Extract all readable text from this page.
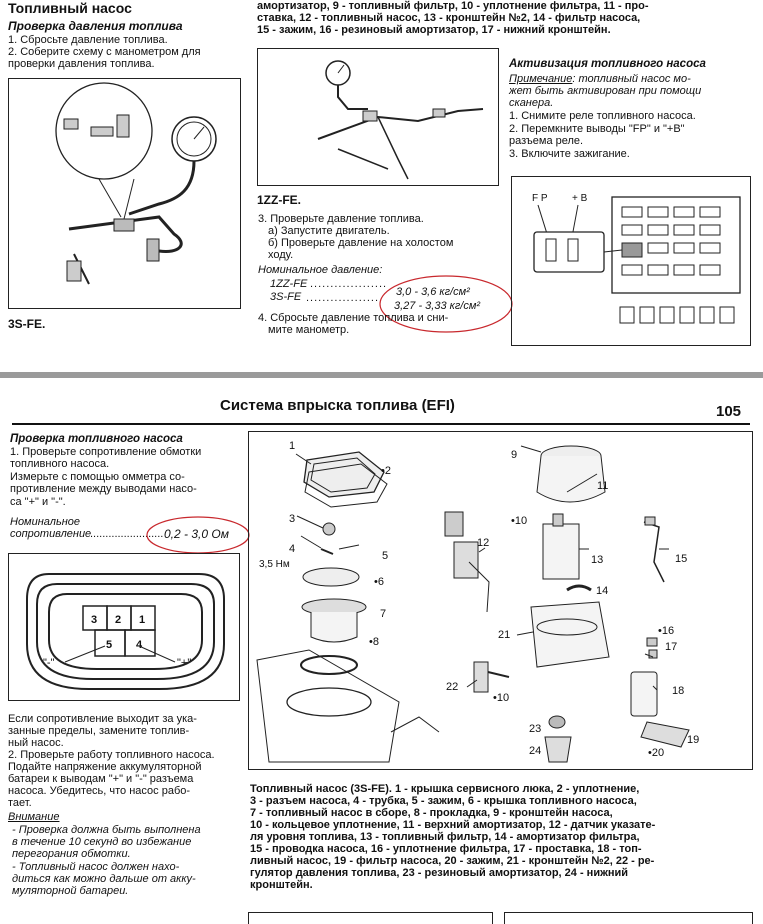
Топливный насос
Проверка давления топлива
1. Сбросьте давление топлива.
2. Соберите схему с манометром для
проверки давления топлива.
3S-FE.
амортизатор, 9 - топливный фильтр, 10 - уплотнение фильтра, 11 - про-
ставка, 12 - топливный насос, 13 - кронштейн №2, 14 - фильтр насоса,
15 - зажим, 16 - резиновый амортизатор, 17 - нижний кронштейн.
1ZZ-FE.
3. Проверьте давление топлива.
а) Запустите двигатель.
б) Проверьте давление на холостом
ходу.
Номинальное давление:
1ZZ-FE ...................
3,0 - 3,6 кг/см²
3S-FE ..................
3,27 - 3,33 кг/см²
4. Сбросьте давление топлива и сни-
мите манометр.
Активизация топливного насоса
Примечание: топливный насос мо-
жет быть активирован при помощи
сканера.
1. Снимите реле топливного насоса.
2. Перемкните выводы "FP" и "+B"
разъема реле.
3. Включите зажигание.
F P + B
Система впрыска топлива (EFI)	105
Проверка топливного насоса
1. Проверьте сопротивление обмотки
топливного насоса.
Измерьте с помощью омметра со-
противление между выводами насо-
са "+" и "-".
Номинальное
сопротивление
........................ 0,2 - 3,0 Ом
3 2 1
5 4
"-"	"+"
Если сопротивление выходит за ука-
занные пределы, замените топлив-
ный насос.
2. Проверьте работу топливного насоса.
Подайте напряжение аккумуляторной
батареи к выводам "+" и "-" разъема
насоса. Убедитесь, что насос рабо-
тает.
Внимание
- Проверка должна быть выполнена
в течение 10 секунд во избежание
перегорания обмотки.
- Топливный насос должен нахо-
диться как можно дальше от акку-
муляторной батареи.
1
•2
3
4
5
3,5 Нм
•6
7
•8
9
11
•10
12
13
14
15
•16
17
18
19
•20
21
22
•10
23
24
Топливный насос (3S-FE). 1 - крышка сервисного люка, 2 - уплотнение,
3 - разъем насоса, 4 - трубка, 5 - зажим, 6 - крышка топливного насоса,
7 - топливный насос в сборе, 8 - прокладка, 9 - кронштейн насоса,
10 - кольцевое уплотнение, 11 - верхний амортизатор, 12 - датчик указате-
ля уровня топлива, 13 - топливный фильтр, 14 - амортизатор фильтра,
15 - проводка насоса, 16 - уплотнение фильтра, 17 - проставка, 18 - топ-
ливный насос, 19 - фильтр насоса, 20 - зажим, 21 - кронштейн №2, 22 - ре-
гулятор давления топлива, 23 - резиновый амортизатор, 24 - нижний
кронштейн.
